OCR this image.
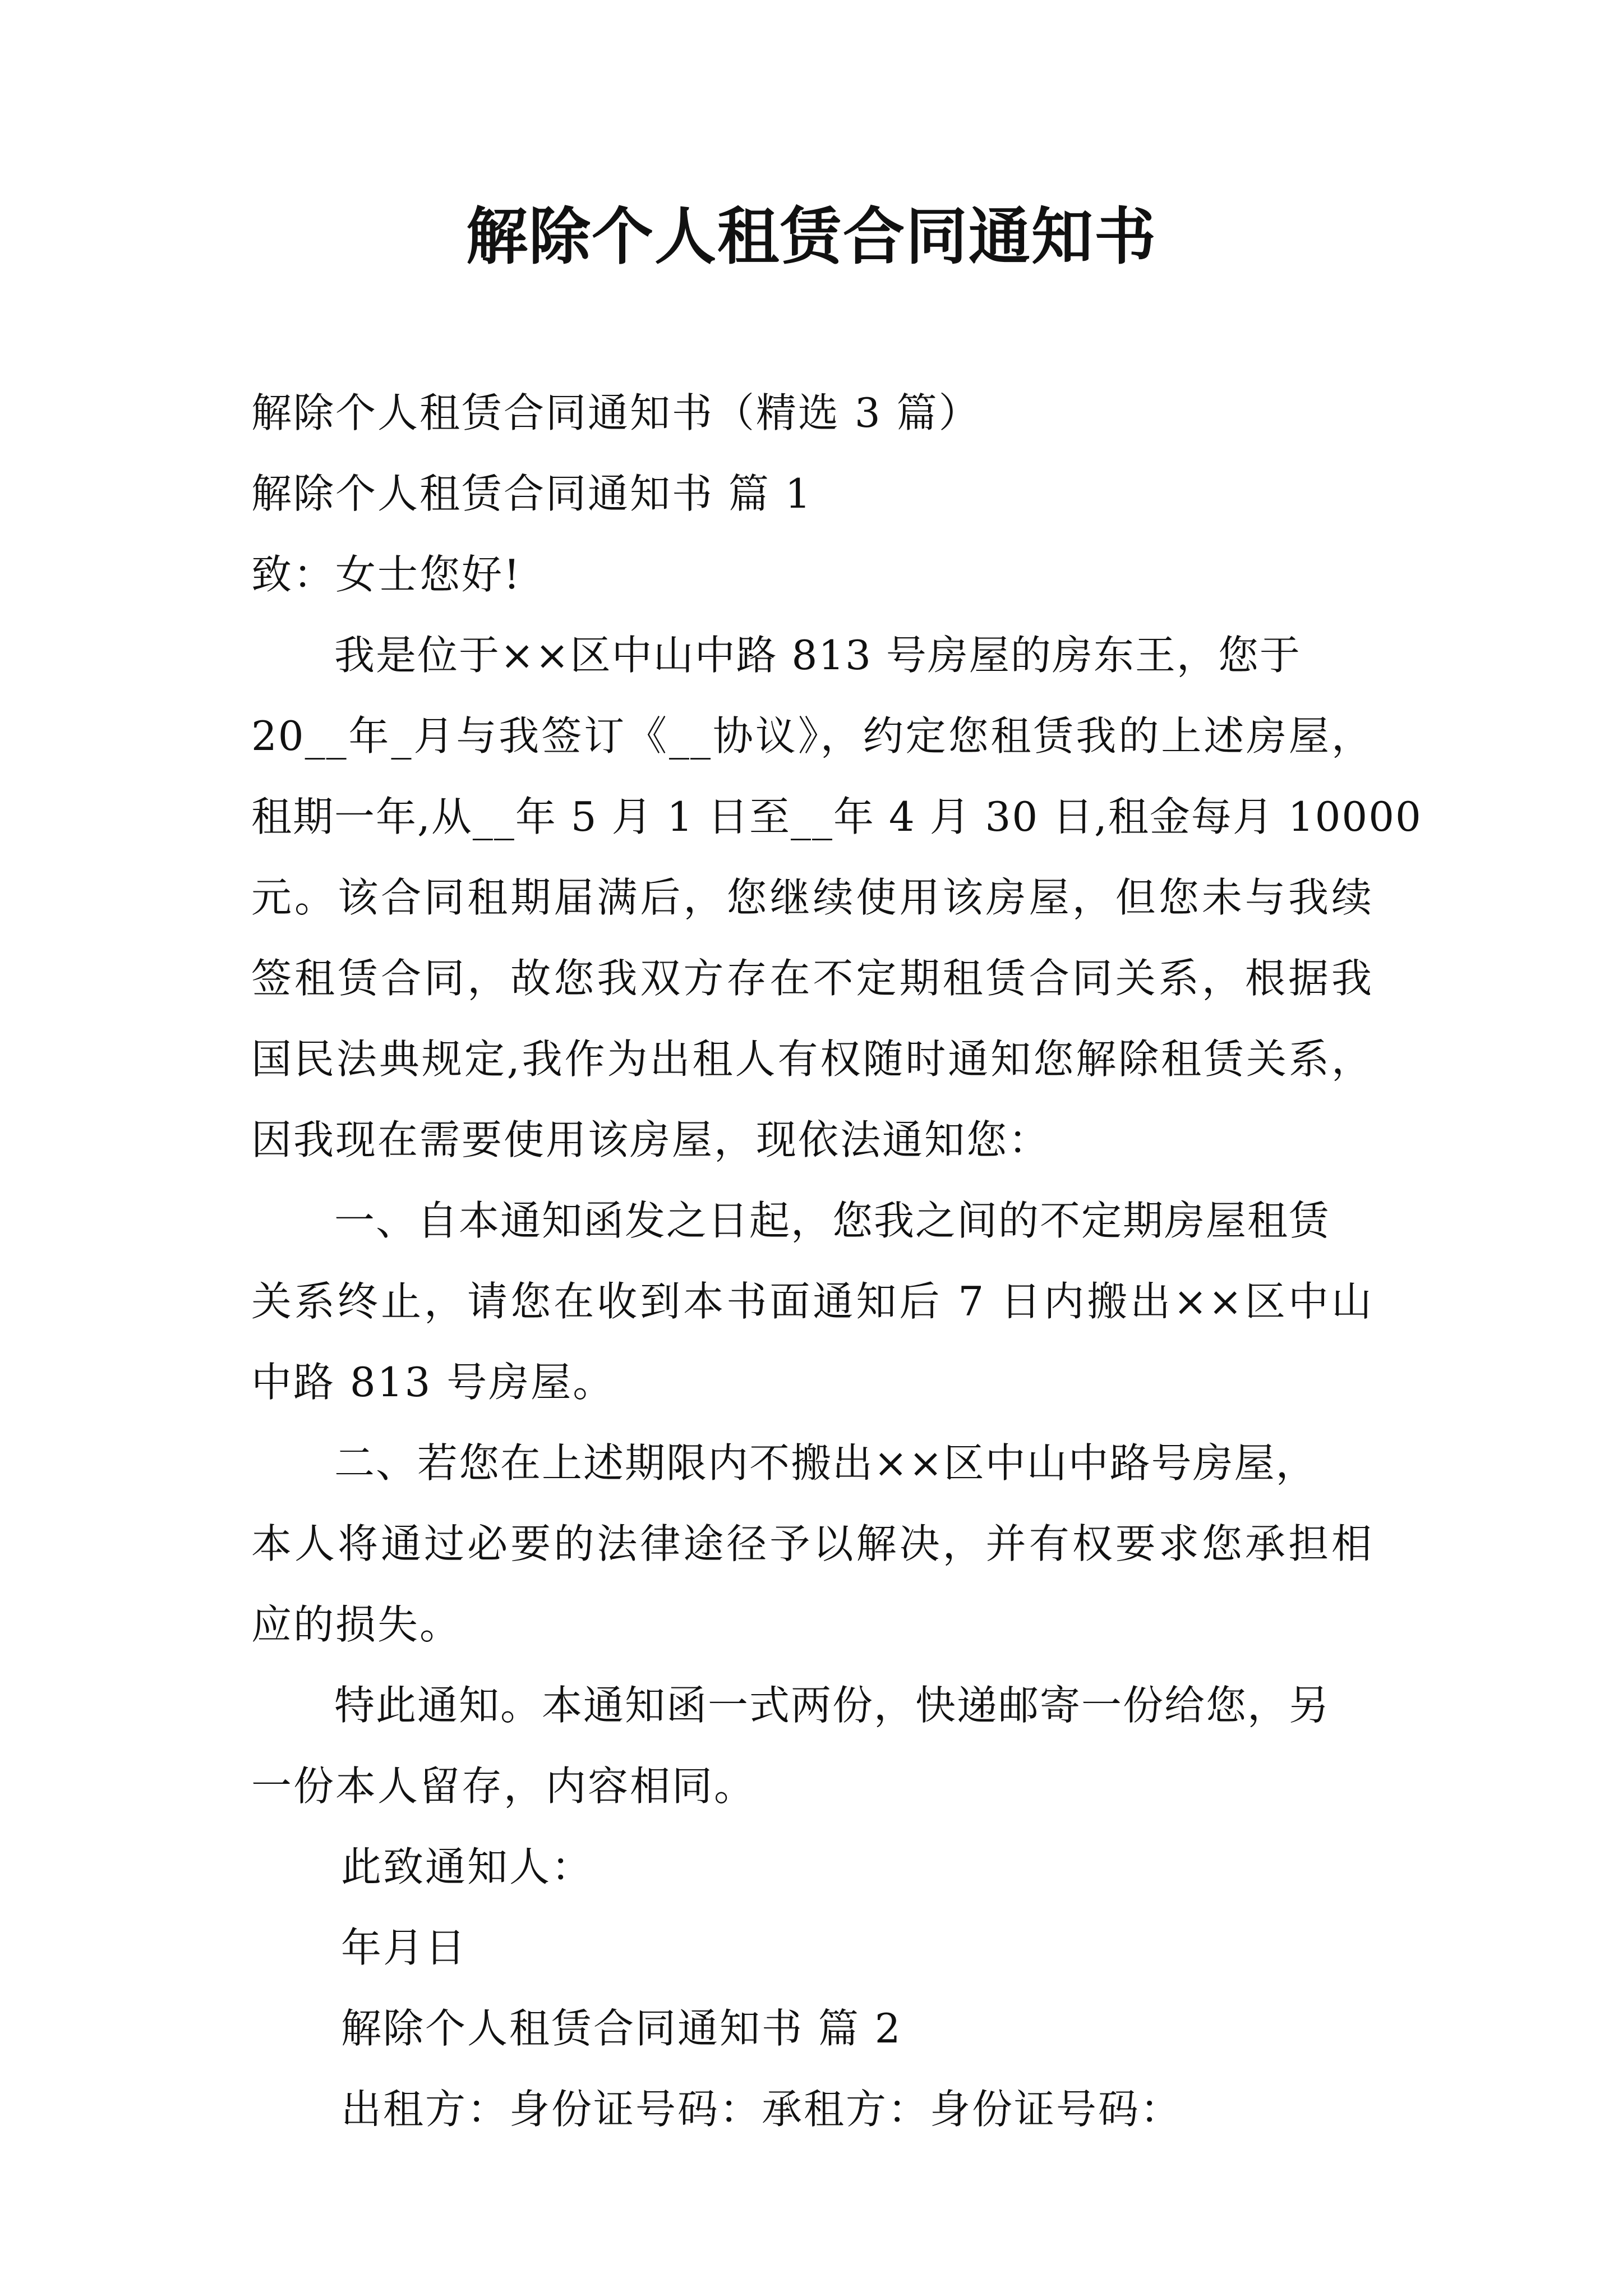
解除个人租赁合同通知书

解除个人租赁合同通知书（精选 3 篇）

解除个人租赁合同通知书 篇 1

致：女士您好!

　　我是位于××区中山中路 813 号房屋的房东王，您于

20__年_月与我签订《__协议》，约定您租赁我的上述房屋，

租期一年,从__年 5 月 1 日至__年 4 月 30 日,租金每月 10000

元。该合同租期届满后，您继续使用该房屋，但您未与我续

签租赁合同，故您我双方存在不定期租赁合同关系，根据我

国民法典规定,我作为出租人有权随时通知您解除租赁关系，

因我现在需要使用该房屋，现依法通知您：

　　一、自本通知函发之日起，您我之间的不定期房屋租赁

关系终止，请您在收到本书面通知后 7 日内搬出××区中山

中路 813 号房屋。

　　二、若您在上述期限内不搬出××区中山中路号房屋，

本人将通过必要的法律途径予以解决，并有权要求您承担相

应的损失。

　　特此通知。本通知函一式两份，快递邮寄一份给您，另

一份本人留存，内容相同。

此致通知人：

年月日

解除个人租赁合同通知书 篇 2

出租方：身份证号码：承租方：身份证号码：
